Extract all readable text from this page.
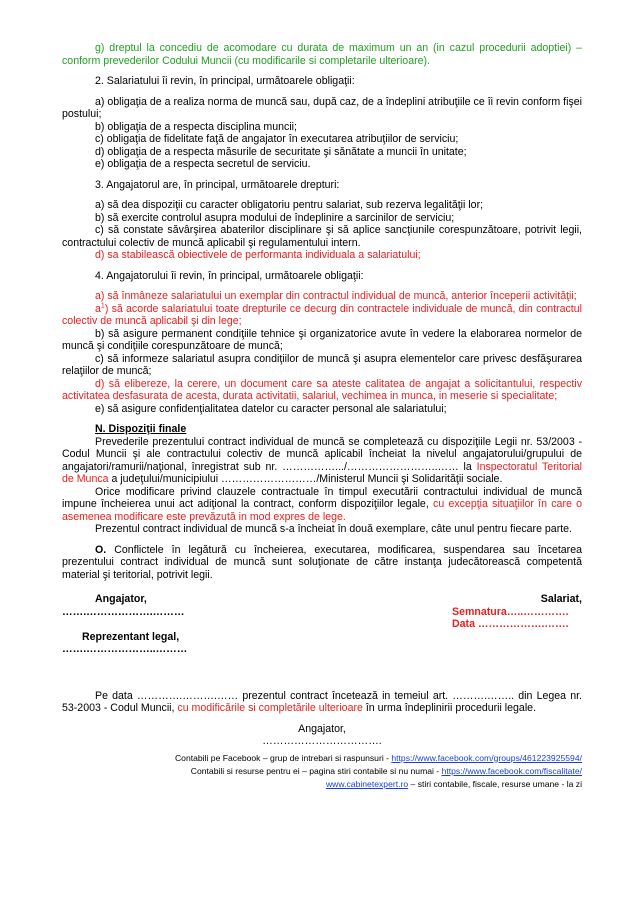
g) dreptul la concediu de acomodare cu durata de maximum un an (in cazul procedurii adoptiei) – conform prevederilor Codului Muncii (cu modificarile si completarile ulterioare).

2. Salariatului îi revin, în principal, următoarele obligaţii:

a) obligaţia de a realiza norma de muncă sau, după caz, de a îndeplini atribuţiile ce îi revin conform fişei postului;

b) obligaţia de a respecta disciplina muncii;

c) obligaţia de fidelitate faţă de angajator în executarea atribuţiilor de serviciu;

d) obligaţia de a respecta măsurile de securitate şi sănătate a muncii în unitate;

e) obligaţia de a respecta secretul de serviciu.

3. Angajatorul are, în principal, următoarele drepturi:

a) să dea dispoziţii cu caracter obligatoriu pentru salariat, sub rezerva legalităţii lor;

b) să exercite controlul asupra modului de îndeplinire a sarcinilor de serviciu;

c) să constate săvârşirea abaterilor disciplinare şi să aplice sancţiunile corespunzătoare, potrivit legii, contractului colectiv de muncă aplicabil şi regulamentului intern.

d) sa stabilească obiectivele de performanta individuala a salariatului;

4. Angajatorului îi revin, în principal, următoarele obligaţii:

a) să înmâneze salariatului un exemplar din contractul individual de muncă, anterior începerii activităţii;

$a^1$) să acorde salariatului toate drepturile ce decurg din contractele individuale de muncă, din contractul colectiv de muncă aplicabil şi din lege;

b) să asigure permanent condiţiile tehnice şi organizatorice avute în vedere la elaborarea normelor de muncă şi condiţiile corespunzătoare de muncă;

c) să informeze salariatul asupra condiţiilor de muncă şi asupra elementelor care privesc desfăşurarea relaţiilor de muncă;

d) să elibereze, la cerere, un document care sa ateste calitatea de angajat a solicitantului, respectiv activitatea desfasurata de acesta, durata activitatii, salariul, vechimea in munca, in meserie si specialitate;

e) să asigure confidenţialitatea datelor cu caracter personal ale salariatului;

N. Dispoziţii finale

Prevederile prezentului contract individual de muncă se completează cu dispoziţiile Legii nr. 53/2003 - Codul Muncii şi ale contractului colectiv de muncă aplicabil încheiat la nivelul angajatorului/grupului de angajatori/ramurii/naţional, înregistrat sub nr. …………….../……………………..…… la Inspectoratul Teritorial de Munca a judeţului/municipiului ………………………/Ministerul Muncii şi Solidarităţii sociale.

Orice modificare privind clauzele contractuale în timpul executării contractului individual de muncă impune încheierea unui act adiţional la contract, conform dispoziţiilor legale, cu excepţia situaţiilor în care o asemenea modificare este prevăzută in mod expres de lege.

Prezentul contract individual de muncă s-a încheiat în două exemplare, câte unul pentru fiecare parte.

O. Conflictele în legătură cu încheierea, executarea, modificarea, suspendarea sau încetarea prezentului contract individual de muncă sunt soluţionate de către instanţa judecătorească competentă material şi teritorial, potrivit legii.

Angajator,
…….……………….………
Salariat,
Semnatura…..………….
Data ……………….…….
Reprezentant legal,
…….………………..………

Pe data ………….……….…… prezentul contract încetează in temeiul art. ……….…….. din Legea nr. 53-2003 - Codul Muncii, cu modificările si completările ulterioare în urma îndeplinirii procedurii legale.

Angajator,

…………………………….

Contabili pe Facebook – grup de intrebari si raspunsuri - https://www.facebook.com/groups/461223925594/

Contabili si resurse pentru ei – pagina stiri contabile si nu numai - https://www.facebook.com/fiscalitate/

www.cabinetexpert.ro – stiri contabile, fiscale, resurse umane - la zi
